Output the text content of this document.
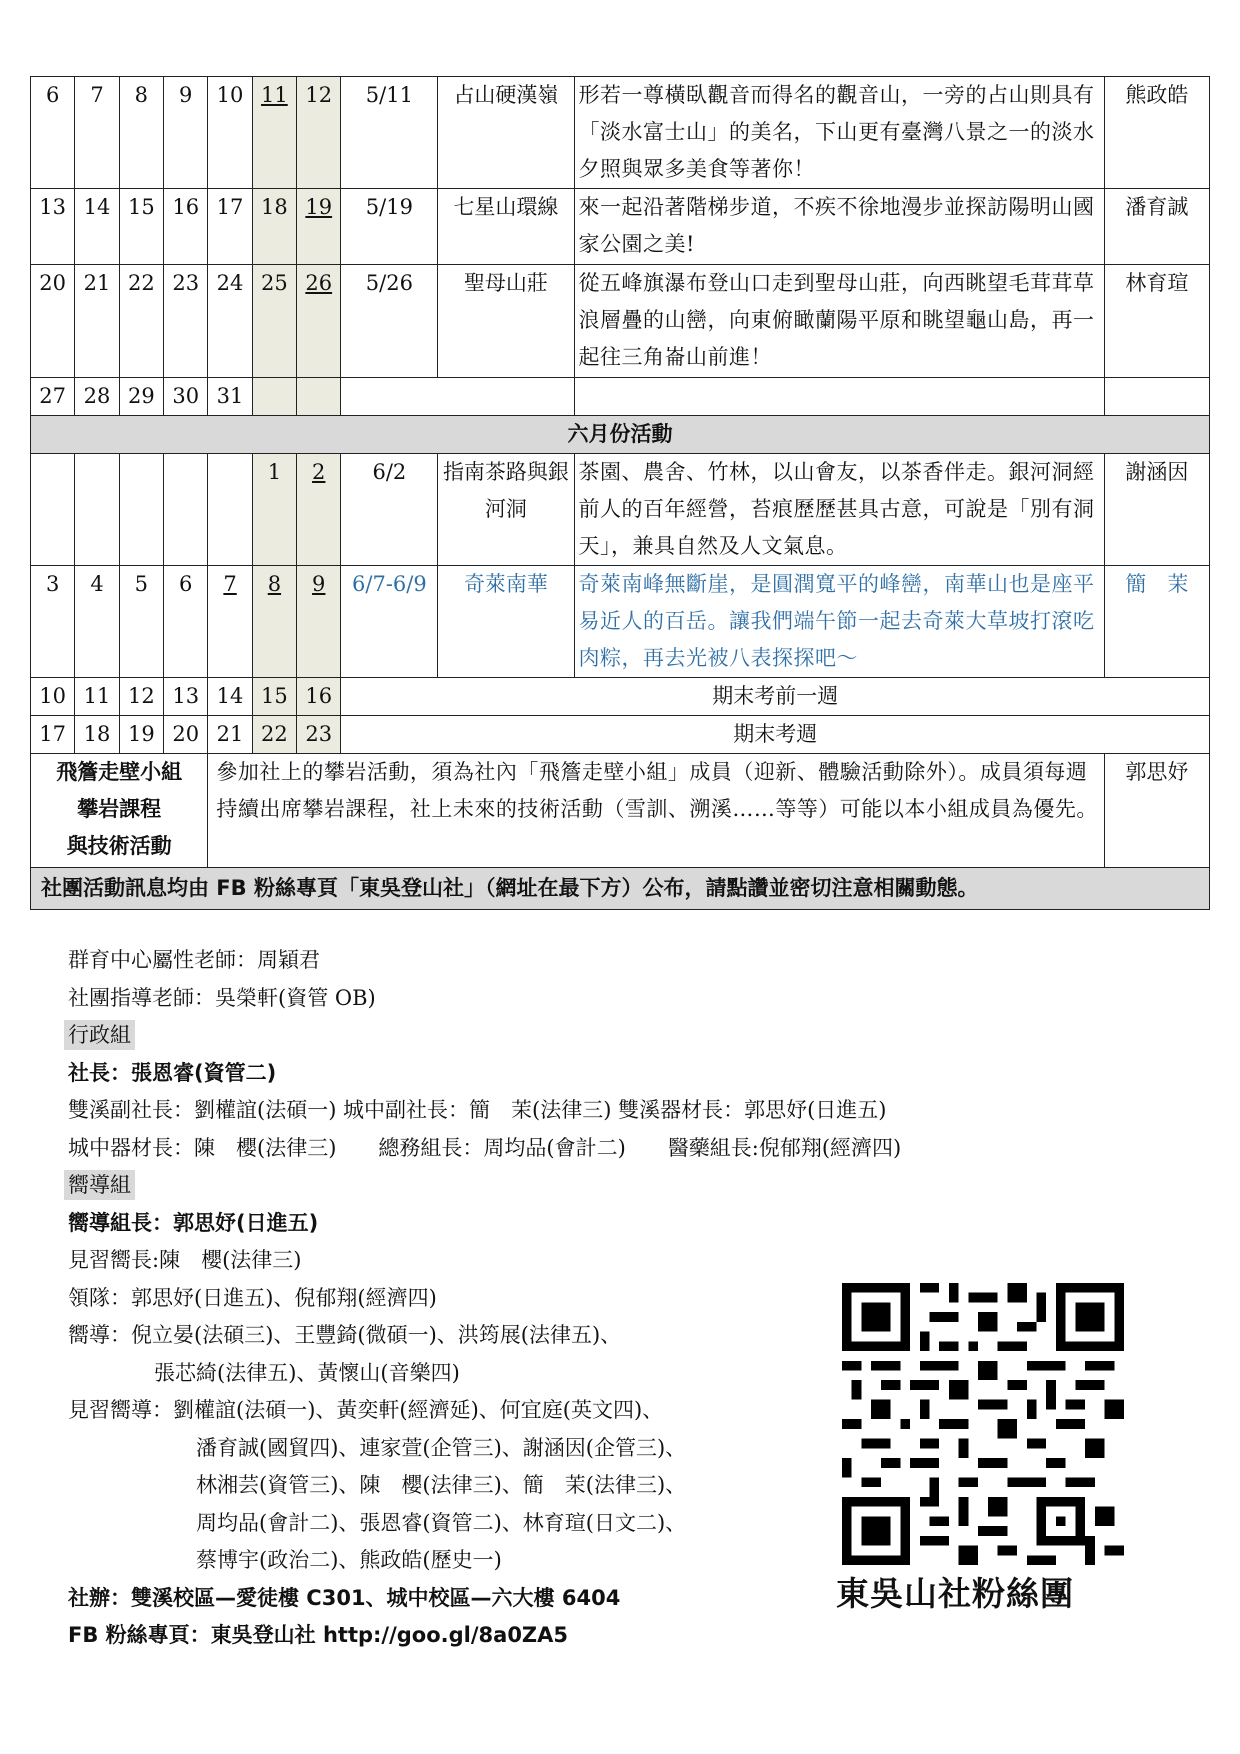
6	7	8	9	10	11	12	5/11	占山硬漢嶺	形若一尊橫臥觀音而得名的觀音山，一旁的占山則具有「淡水富士山」的美名，下山更有臺灣八景之一的淡水夕照與眾多美食等著你！	熊政皓
13	14	15	16	17	18	19	5/19	七星山環線	來一起沿著階梯步道，不疾不徐地漫步並探訪陽明山國家公園之美!	潘育誠
20	21	22	23	24	25	26	5/26	聖母山莊	從五峰旗瀑布登山口走到聖母山莊，向西眺望毛茸茸草浪層疊的山巒，向東俯瞰蘭陽平原和眺望龜山島，再一起往三角崙山前進！	林育瑄
27	28	29	30	31						
六月份活動										
					1	2	6/2	指南茶路與銀河洞	茶園、農舍、竹林，以山會友，以茶香伴走。銀河洞經前人的百年經營，苔痕歷歷甚具古意，可說是「別有洞天」，兼具自然及人文氣息。	謝涵因
3	4	5	6	7	8	9	6/7-6/9	奇萊南華	奇萊南峰無斷崖，是圓潤寬平的峰巒，南華山也是座平易近人的百岳。讓我們端午節一起去奇萊大草坡打滾吃肉粽，再去光被八表探探吧～	簡　茉
10	11	12	13	14	15	16	期末考前一週			
17	18	19	20	21	22	23	期末考週			

飛簷走壁小組
攀岩課程
與技術活動				參加社上的攀岩活動，須為社內「飛簷走壁小組」成員（迎新、體驗活動除外）。成員須每週持續出席攀岩課程，社上未來的技術活動（雪訓、溯溪……等等）可能以本小組成員為優先。						郭思妤
社團活動訊息均由 FB 粉絲專頁「東吳登山社」（網址在最下方）公布，請點讚並密切注意相關動態。										
群育中心屬性老師：周穎君
社團指導老師：吳榮軒(資管 OB)
行政組
社長：張恩睿(資管二)
雙溪副社長：劉權誼(法碩一) 城中副社長：簡　茉(法律三) 雙溪器材長：郭思妤(日進五)
城中器材長：陳　櫻(法律三)　　總務組長：周均品(會計二)　　醫藥組長:倪郁翔(經濟四)
嚮導組
嚮導組長：郭思妤(日進五)
見習嚮長:陳　櫻(法律三)
領隊：郭思妤(日進五)、倪郁翔(經濟四)
嚮導：倪立晏(法碩三)、王豐錡(微碩一)、洪筠展(法律五)、
張芯綺(法律五)、黃懷山(音樂四)
見習嚮導：劉權誼(法碩一)、黃奕軒(經濟延)、何宜庭(英文四)、
潘育誠(國貿四)、連家萱(企管三)、謝涵因(企管三)、
林湘芸(資管三)、陳　櫻(法律三)、簡　茉(法律三)、
周均品(會計二)、張恩睿(資管二)、林育瑄(日文二)、
蔡博宇(政治二)、熊政皓(歷史一)
社辦：雙溪校區—愛徒樓 C301、城中校區—六大樓 6404
FB 粉絲專頁：東吳登山社 http://goo.gl/8a0ZA5
東吳山社粉絲團
